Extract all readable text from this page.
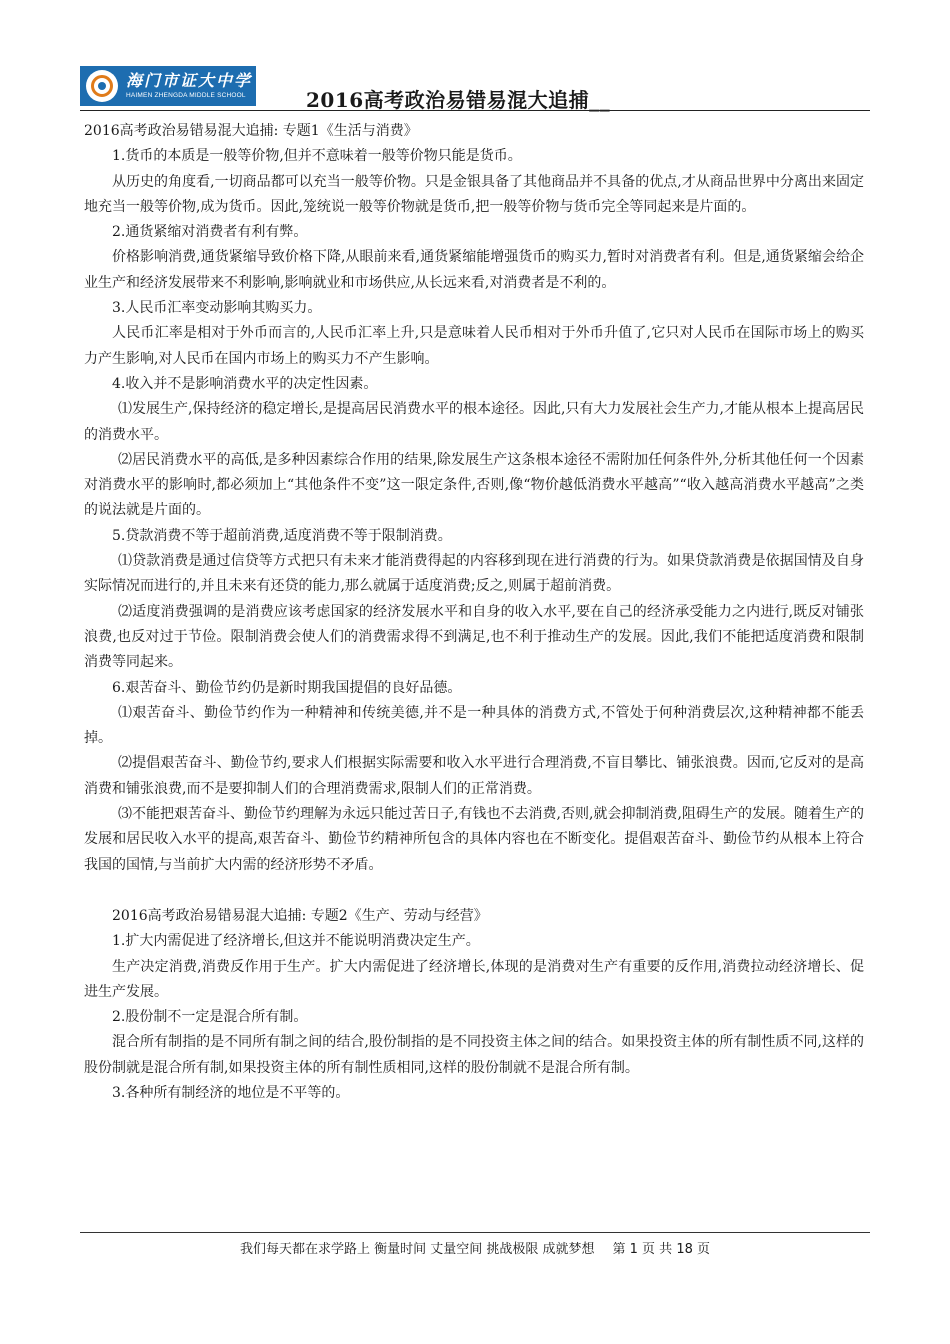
海门市证大中学
HAIMEN ZHENGDA MIDDLE SCHOOL	2016高考政治易错易混大追捕__

2016高考政治易错易混大追捕: 专题1《生活与消费》

1.货币的本质是一般等价物,但并不意味着一般等价物只能是货币。

从历史的角度看,一切商品都可以充当一般等价物。只是金银具备了其他商品并不具备的优点,才从商品世界中分离出来固定地充当一般等价物,成为货币。因此,笼统说一般等价物就是货币,把一般等价物与货币完全等同起来是片面的。

2.通货紧缩对消费者有利有弊。

价格影响消费,通货紧缩导致价格下降,从眼前来看,通货紧缩能增强货币的购买力,暂时对消费者有利。但是,通货紧缩会给企业生产和经济发展带来不利影响,影响就业和市场供应,从长远来看,对消费者是不利的。

3.人民币汇率变动影响其购买力。

人民币汇率是相对于外币而言的,人民币汇率上升,只是意味着人民币相对于外币升值了,它只对人民币在国际市场上的购买力产生影响,对人民币在国内市场上的购买力不产生影响。

4.收入并不是影响消费水平的决定性因素。

⑴发展生产,保持经济的稳定增长,是提高居民消费水平的根本途径。因此,只有大力发展社会生产力,才能从根本上提高居民的消费水平。

⑵居民消费水平的高低,是多种因素综合作用的结果,除发展生产这条根本途径不需附加任何条件外,分析其他任何一个因素对消费水平的影响时,都必须加上“其他条件不变”这一限定条件,否则,像“物价越低消费水平越高”“收入越高消费水平越高”之类的说法就是片面的。

5.贷款消费不等于超前消费,适度消费不等于限制消费。

⑴贷款消费是通过信贷等方式把只有未来才能消费得起的内容移到现在进行消费的行为。如果贷款消费是依据国情及自身实际情况而进行的,并且未来有还贷的能力,那么就属于适度消费;反之,则属于超前消费。

⑵适度消费强调的是消费应该考虑国家的经济发展水平和自身的收入水平,要在自己的经济承受能力之内进行,既反对铺张浪费,也反对过于节俭。限制消费会使人们的消费需求得不到满足,也不利于推动生产的发展。因此,我们不能把适度消费和限制消费等同起来。

6.艰苦奋斗、勤俭节约仍是新时期我国提倡的良好品德。

⑴艰苦奋斗、勤俭节约作为一种精神和传统美德,并不是一种具体的消费方式,不管处于何种消费层次,这种精神都不能丢掉。

⑵提倡艰苦奋斗、勤俭节约,要求人们根据实际需要和收入水平进行合理消费,不盲目攀比、铺张浪费。因而,它反对的是高消费和铺张浪费,而不是要抑制人们的合理消费需求,限制人们的正常消费。

⑶不能把艰苦奋斗、勤俭节约理解为永远只能过苦日子,有钱也不去消费,否则,就会抑制消费,阻碍生产的发展。随着生产的发展和居民收入水平的提高,艰苦奋斗、勤俭节约精神所包含的具体内容也在不断变化。提倡艰苦奋斗、勤俭节约从根本上符合我国的国情,与当前扩大内需的经济形势不矛盾。

2016高考政治易错易混大追捕: 专题2《生产、劳动与经营》

1.扩大内需促进了经济增长,但这并不能说明消费决定生产。

生产决定消费,消费反作用于生产。扩大内需促进了经济增长,体现的是消费对生产有重要的反作用,消费拉动经济增长、促进生产发展。

2.股份制不一定是混合所有制。

混合所有制指的是不同所有制之间的结合,股份制指的是不同投资主体之间的结合。如果投资主体的所有制性质不同,这样的股份制就是混合所有制,如果投资主体的所有制性质相同,这样的股份制就不是混合所有制。

3.各种所有制经济的地位是不平等的。

我们每天都在求学路上 衡量时间 丈量空间 挑战极限 成就梦想 第 1 页 共 18 页
